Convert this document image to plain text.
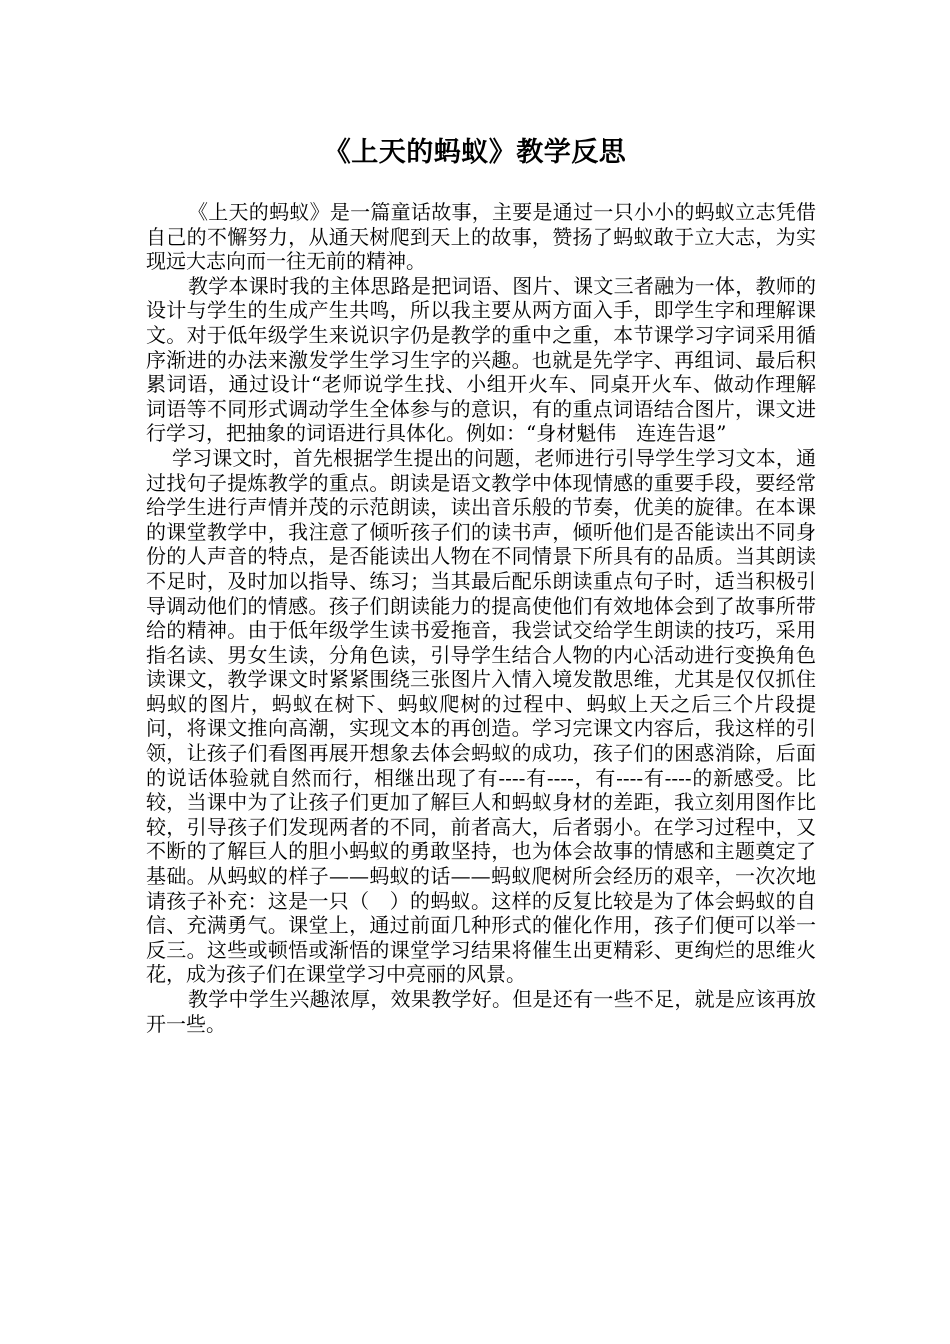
《上天的蚂蚁》教学反思

《上天的蚂蚁》是一篇童话故事，主要是通过一只小小的蚂蚁立志凭借自己的不懈努力，从通天树爬到天上的故事，赞扬了蚂蚁敢于立大志，为实现远大志向而一往无前的精神。

教学本课时我的主体思路是把词语、图片、课文三者融为一体，教师的设计与学生的生成产生共鸣，所以我主要从两方面入手，即学生字和理解课文。对于低年级学生来说识字仍是教学的重中之重，本节课学习字词采用循序渐进的办法来激发学生学习生字的兴趣。也就是先学字、再组词、最后积累词语，通过设计“老师说学生找、小组开火车、同桌开火车、做动作理解词语等不同形式调动学生全体参与的意识，有的重点词语结合图片，课文进行学习，把抽象的词语进行具体化。例如：“身材魁伟　连连告退”

学习课文时，首先根据学生提出的问题，老师进行引导学生学习文本，通过找句子提炼教学的重点。朗读是语文教学中体现情感的重要手段，要经常给学生进行声情并茂的示范朗读，读出音乐般的节奏，优美的旋律。在本课的课堂教学中，我注意了倾听孩子们的读书声，倾听他们是否能读出不同身份的人声音的特点，是否能读出人物在不同情景下所具有的品质。当其朗读不足时，及时加以指导、练习；当其最后配乐朗读重点句子时，适当积极引导调动他们的情感。孩子们朗读能力的提高使他们有效地体会到了故事所带给的精神。由于低年级学生读书爱拖音，我尝试交给学生朗读的技巧，采用指名读、男女生读，分角色读，引导学生结合人物的内心活动进行变换角色读课文，教学课文时紧紧围绕三张图片入情入境发散思维，尤其是仅仅抓住蚂蚁的图片，蚂蚁在树下、蚂蚁爬树的过程中、蚂蚁上天之后三个片段提问，将课文推向高潮，实现文本的再创造。学习完课文内容后，我这样的引领，让孩子们看图再展开想象去体会蚂蚁的成功，孩子们的困惑消除，后面的说话体验就自然而行，相继出现了有----有----，有----有----的新感受。比较，当课中为了让孩子们更加了解巨人和蚂蚁身材的差距，我立刻用图作比较，引导孩子们发现两者的不同，前者高大，后者弱小。在学习过程中，又不断的了解巨人的胆小蚂蚁的勇敢坚持，也为体会故事的情感和主题奠定了基础。从蚂蚁的样子——蚂蚁的话——蚂蚁爬树所会经历的艰辛，一次次地请孩子补充：这是一只（　）的蚂蚁。这样的反复比较是为了体会蚂蚁的自信、充满勇气。课堂上，通过前面几种形式的催化作用，孩子们便可以举一反三。这些或顿悟或渐悟的课堂学习结果将催生出更精彩、更绚烂的思维火花，成为孩子们在课堂学习中亮丽的风景。

教学中学生兴趣浓厚，效果教学好。但是还有一些不足，就是应该再放开一些。
